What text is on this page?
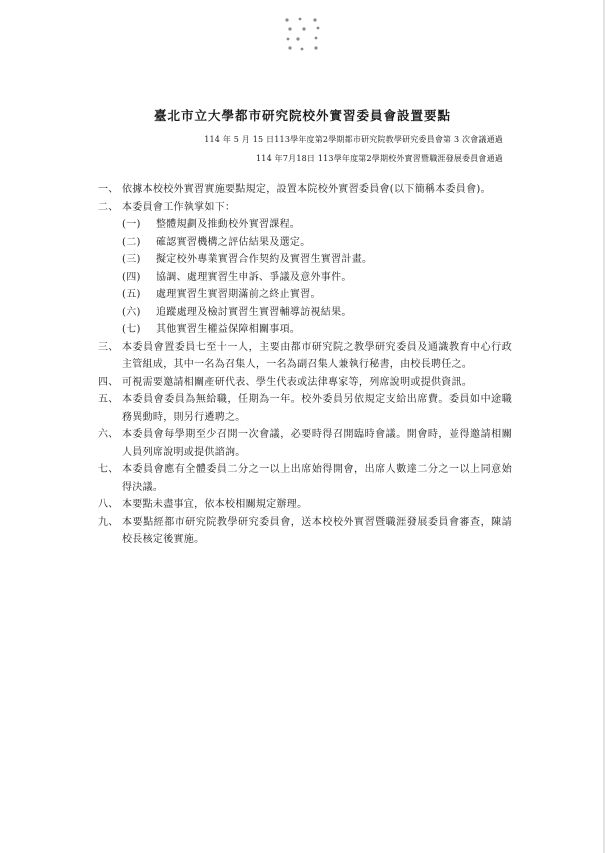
臺北市立大學都市研究院校外實習委員會設置要點
114 年 5 月 15 日113學年度第2學期都市研究院教學研究委員會第 3 次會議通過
114 年7月18日 113學年度第2學期校外實習暨職涯發展委員會通過
一、 依據本校校外實習實施要點規定，設置本院校外實習委員會(以下簡稱本委員會)。
二、 本委員會工作執掌如下：
(一)	整體規劃及推動校外實習課程。
(二)	確認實習機構之評估結果及選定。
(三)	擬定校外專業實習合作契約及實習生實習計畫。
(四)	協調、處理實習生申訴、爭議及意外事件。
(五)	處理實習生實習期滿前之終止實習。
(六)	追蹤處理及檢討實習生實習輔導訪視結果。
(七)	其他實習生權益保障相關事項。
三、 本委員會置委員七至十一人，主要由都市研究院之教學研究委員及通識教育中心行政主管組成，其中一名為召集人，一名為副召集人兼執行秘書，由校長聘任之。
四、 可視需要邀請相關產研代表、學生代表或法律專家等，列席說明或提供資訊。
五、 本委員會委員為無給職，任期為一年。校外委員另依規定支給出席費。委員如中途職務異動時，則另行遴聘之。
六、 本委員會每學期至少召開一次會議，必要時得召開臨時會議。開會時，並得邀請相關人員列席說明或提供諮詢。
七、 本委員會應有全體委員二分之一以上出席始得開會，出席人數達二分之一以上同意始得決議。
八、 本要點未盡事宜，依本校相關規定辦理。
九、 本要點經都市研究院教學研究委員會，送本校校外實習暨職涯發展委員會審查，陳請校長核定後實施。
